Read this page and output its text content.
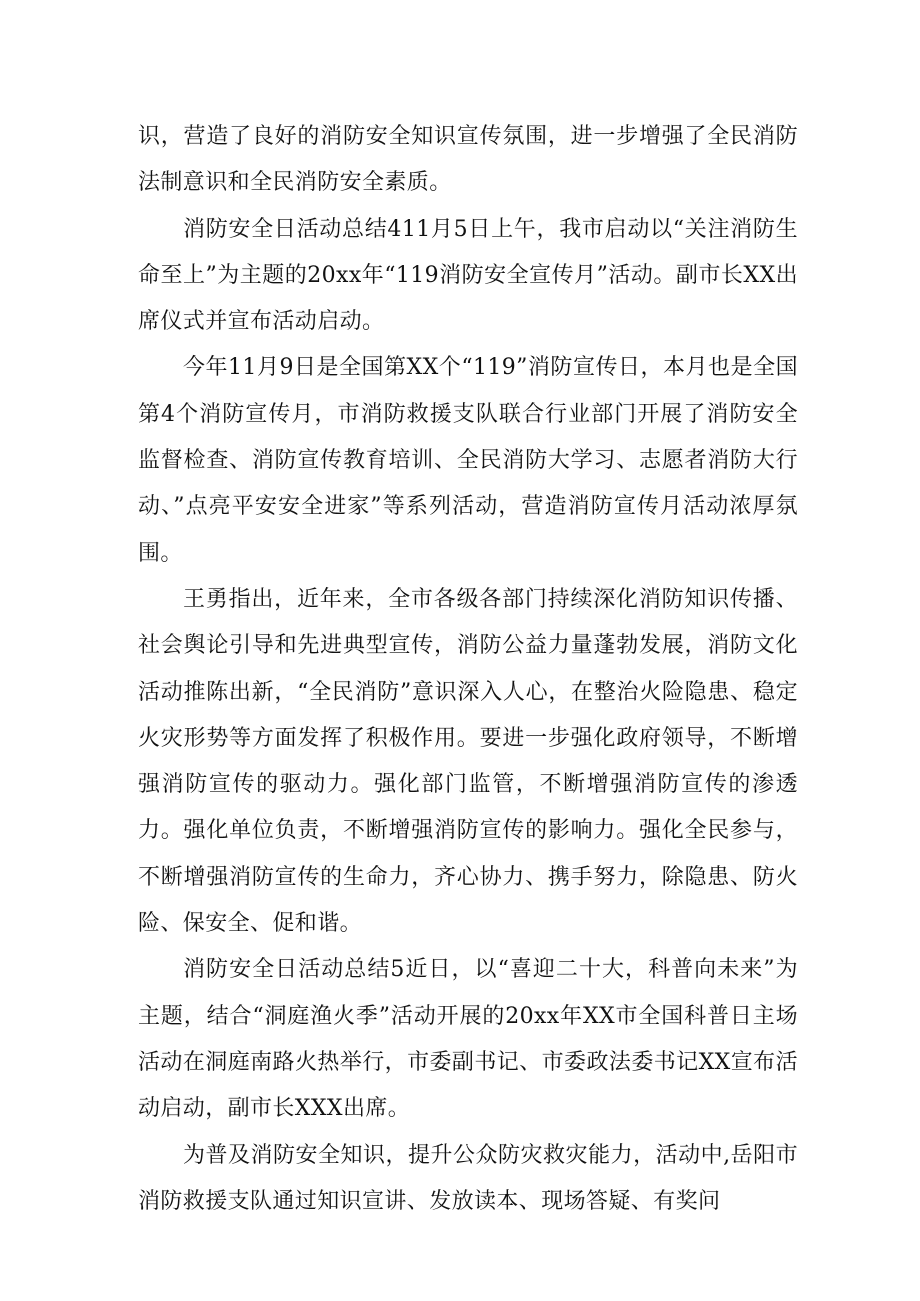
识，营造了良好的消防安全知识宣传氛围，进一步增强了全民消防法制意识和全民消防安全素质。

消防安全日活动总结411月5日上午，我市启动以“关注消防生命至上”为主题的20xx年“119消防安全宣传月”活动。副市长XX出席仪式并宣布活动启动。

今年11月9日是全国第XX个“119”消防宣传日，本月也是全国第4个消防宣传月，市消防救援支队联合行业部门开展了消防安全监督检查、消防宣传教育培训、全民消防大学习、志愿者消防大行动、”点亮平安安全进家”等系列活动，营造消防宣传月活动浓厚氛围。

王勇指出，近年来，全市各级各部门持续深化消防知识传播、社会舆论引导和先进典型宣传，消防公益力量蓬勃发展，消防文化活动推陈出新，“全民消防”意识深入人心，在整治火险隐患、稳定火灾形势等方面发挥了积极作用。要进一步强化政府领导，不断增强消防宣传的驱动力。强化部门监管，不断增强消防宣传的渗透力。强化单位负责，不断增强消防宣传的影响力。强化全民参与，不断增强消防宣传的生命力，齐心协力、携手努力，除隐患、防火险、保安全、促和谐。

消防安全日活动总结5近日，以“喜迎二十大，科普向未来”为主题，结合“洞庭渔火季”活动开展的20xx年XX市全国科普日主场活动在洞庭南路火热举行，市委副书记、市委政法委书记XX宣布活动启动，副市长XXX出席。

为普及消防安全知识，提升公众防灾救灾能力，活动中,岳阳市消防救援支队通过知识宣讲、发放读本、现场答疑、有奖问
